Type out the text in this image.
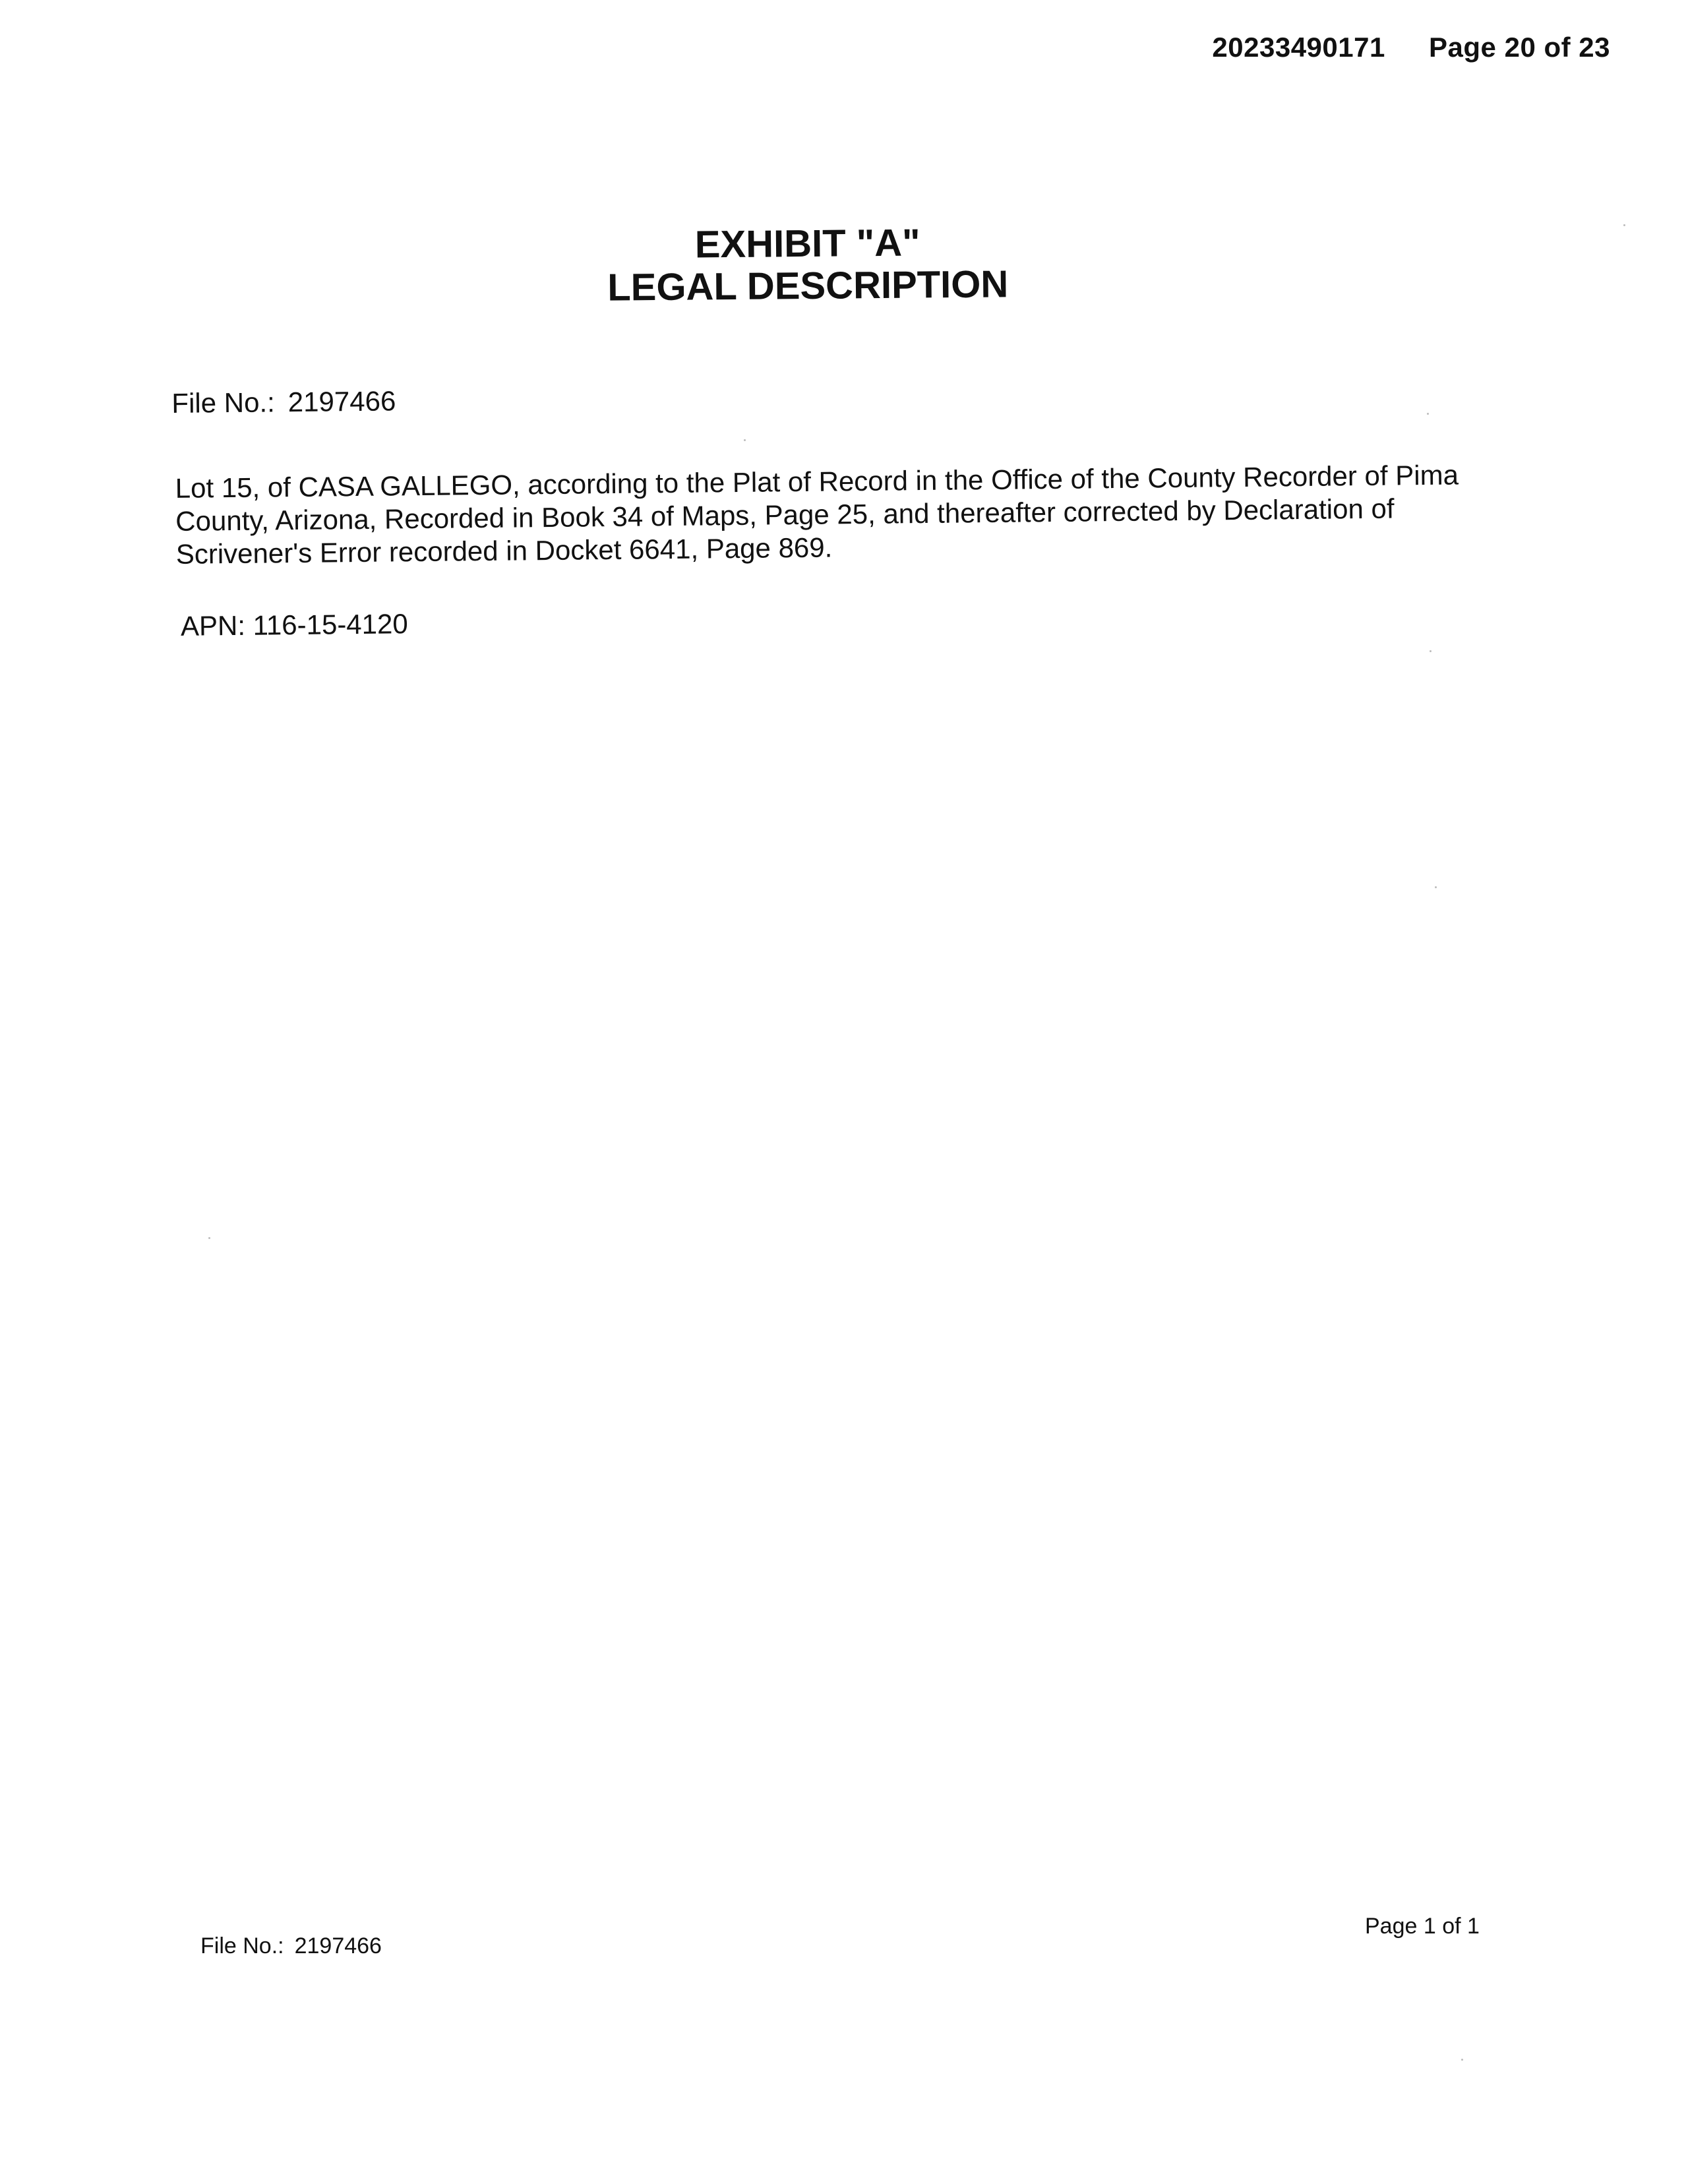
20233490171 Page 20 of 23
EXHIBIT "A"
LEGAL DESCRIPTION
File No.: 2197466
Lot 15, of CASA GALLEGO, according to the Plat of Record in the Office of the County Recorder of Pima
County, Arizona, Recorded in Book 34 of Maps, Page 25, and thereafter corrected by Declaration of
Scrivener's Error recorded in Docket 6641, Page 869.
APN: 116-15-4120
File No.: 2197466
Page 1 of 1
